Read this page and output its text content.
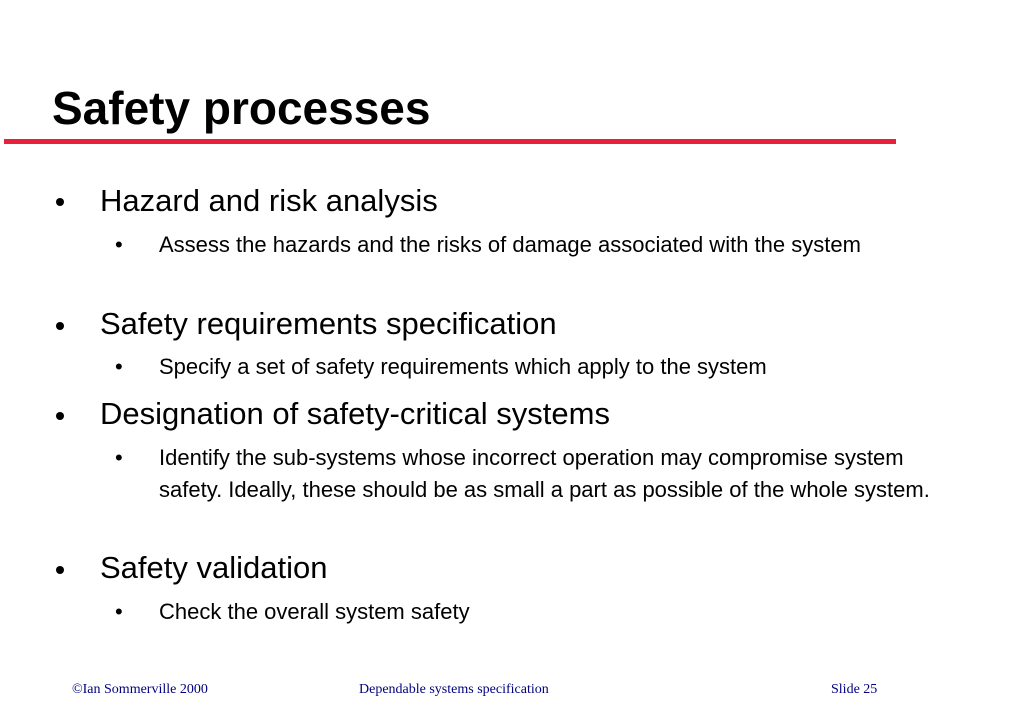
Safety processes
Hazard and risk analysis
• Assess the hazards and the risks of damage associated with the system
Safety requirements specification
• Specify a set of safety requirements which apply to the system
Designation of safety-critical systems
• Identify the sub-systems whose incorrect operation may compromise system safety. Ideally, these should be as small a part as possible of the whole system.
Safety validation
• Check the overall system safety
©Ian Sommerville 2000	Dependable systems specification	Slide 25
